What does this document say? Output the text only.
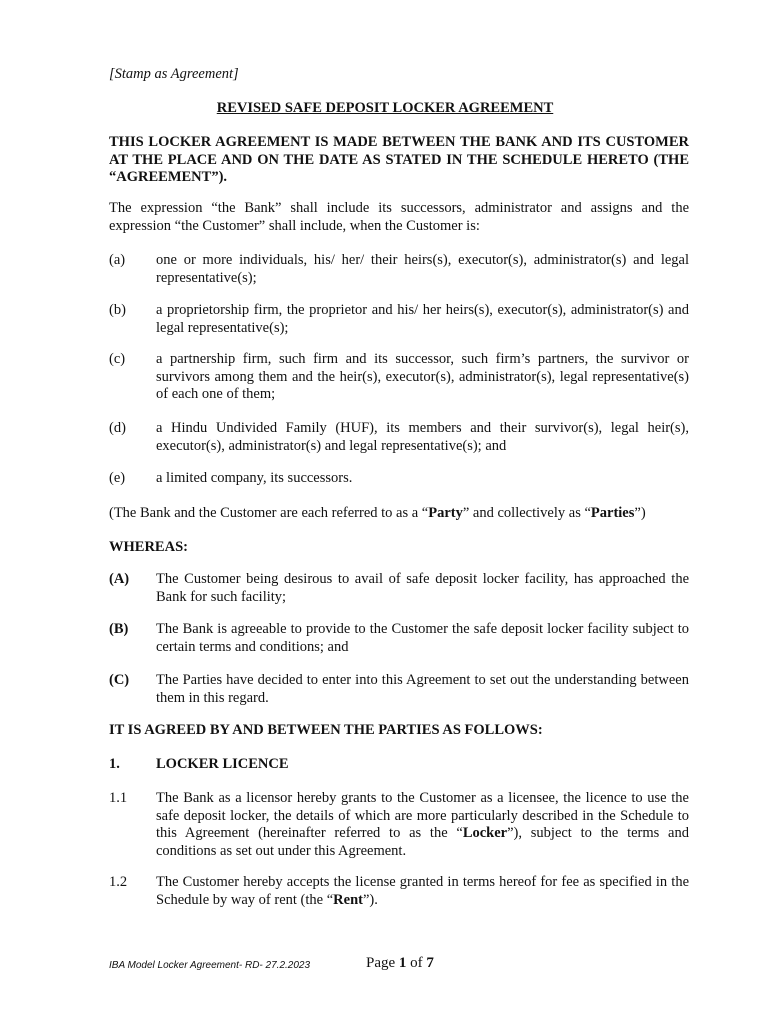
[Stamp as Agreement]
REVISED SAFE DEPOSIT LOCKER AGREEMENT
THIS LOCKER AGREEMENT IS MADE BETWEEN THE BANK AND ITS CUSTOMER AT THE PLACE AND ON THE DATE AS STATED IN THE SCHEDULE HERETO (THE “AGREEMENT”).
The expression “the Bank” shall include its successors, administrator and assigns and the expression “the Customer” shall include, when the Customer is:
(a) one or more individuals, his/ her/ their heirs(s), executor(s), administrator(s) and legal representative(s);
(b) a proprietorship firm, the proprietor and his/ her heirs(s), executor(s), administrator(s) and legal representative(s);
(c) a partnership firm, such firm and its successor, such firm’s partners, the survivor or survivors among them and the heir(s), executor(s), administrator(s), legal representative(s) of each one of them;
(d) a Hindu Undivided Family (HUF), its members and their survivor(s), legal heir(s), executor(s), administrator(s) and legal representative(s); and
(e) a limited company, its successors.
(The Bank and the Customer are each referred to as a “Party” and collectively as “Parties”)
WHEREAS:
(A) The Customer being desirous to avail of safe deposit locker facility, has approached the Bank for such facility;
(B) The Bank is agreeable to provide to the Customer the safe deposit locker facility subject to certain terms and conditions; and
(C) The Parties have decided to enter into this Agreement to set out the understanding between them in this regard.
IT IS AGREED BY AND BETWEEN THE PARTIES AS FOLLOWS:
1. LOCKER LICENCE
1.1 The Bank as a licensor hereby grants to the Customer as a licensee, the licence to use the safe deposit locker, the details of which are more particularly described in the Schedule to this Agreement (hereinafter referred to as the “Locker”), subject to the terms and conditions as set out under this Agreement.
1.2 The Customer hereby accepts the license granted in terms hereof for fee as specified in the Schedule by way of rent (the “Rent”).
IBA Model Locker Agreement- RD- 27.2.2023	Page 1 of 7
